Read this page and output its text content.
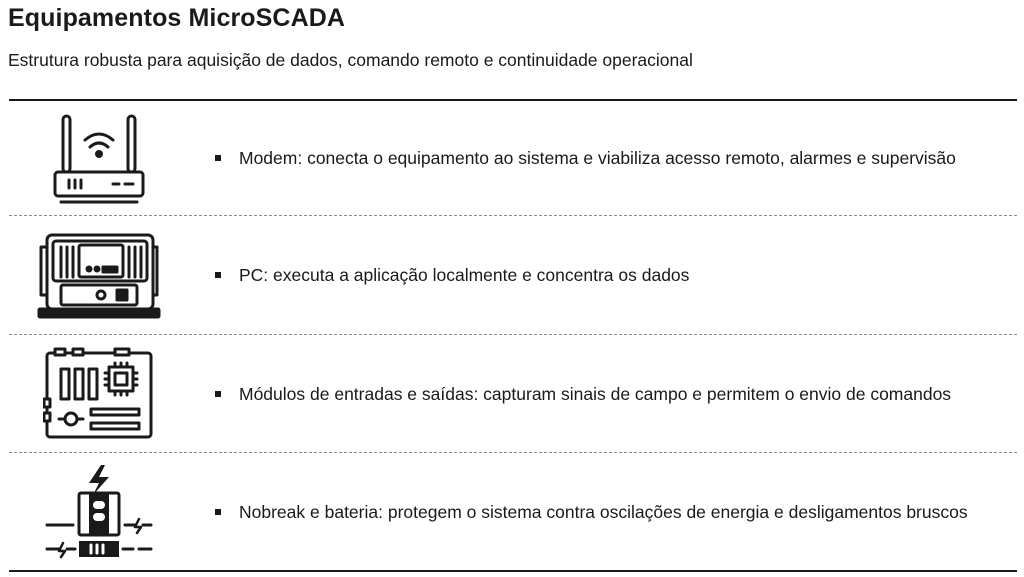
Equipamentos MicroSCADA

Estrutura robusta para aquisição de dados, comando remoto e continuidade operacional

Modem: conecta o equipamento ao sistema e viabiliza acesso remoto, alarmes e supervisão
PC: executa a aplicação localmente e concentra os dados
Módulos de entradas e saídas: capturam sinais de campo e permitem o envio de comandos
Nobreak e bateria: protegem o sistema contra oscilações de energia e desligamentos bruscos
